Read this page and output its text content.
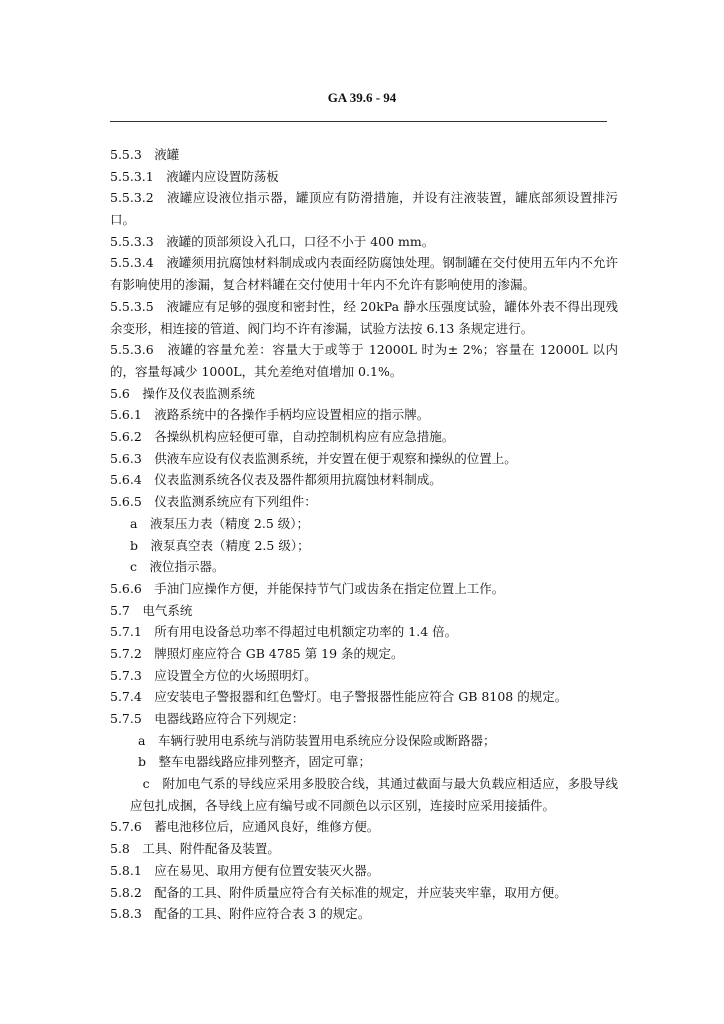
GA 39.6 - 94
5.5.3　液罐
5.5.3.1　液罐内应设置防荡板
5.5.3.2　液罐应设液位指示器，罐顶应有防滑措施，并设有注液装置，罐底部须设置排污口。
5.5.3.3　液罐的顶部须设入孔口，口径不小于 400 mm。
5.5.3.4　液罐须用抗腐蚀材料制成或内表面经防腐蚀处理。钢制罐在交付使用五年内不允许有影响使用的渗漏，复合材料罐在交付使用十年内不允许有影响使用的渗漏。
5.5.3.5　液罐应有足够的强度和密封性，经 20kPa 静水压强度试验，罐体外表不得出现残余变形，相连接的管道、阀门均不许有渗漏，试验方法按 6.13 条规定进行。
5.5.3.6　液罐的容量允差：容量大于或等于 12000L 时为± 2%；容量在 12000L 以内的，容量每减少 1000L，其允差绝对值增加 0.1%。
5.6　操作及仪表监测系统
5.6.1　液路系统中的各操作手柄均应设置相应的指示牌。
5.6.2　各操纵机构应轻便可靠，自动控制机构应有应急措施。
5.6.3　供液车应设有仪表监测系统，并安置在便于观察和操纵的位置上。
5.6.4　仪表监测系统各仪表及器件都须用抗腐蚀材料制成。
5.6.5　仪表监测系统应有下列组件：
a　液泵压力表（精度 2.5 级）；
b　液泵真空表（精度 2.5 级）；
c　液位指示器。
5.6.6　手油门应操作方便，并能保持节气门或齿条在指定位置上工作。
5.7　电气系统
5.7.1　所有用电设备总功率不得超过电机额定功率的 1.4 倍。
5.7.2　牌照灯座应符合 GB 4785 第 19 条的规定。
5.7.3　应设置全方位的火场照明灯。
5.7.4　应安装电子警报器和红色警灯。电子警报器性能应符合 GB 8108 的规定。
5.7.5　电器线路应符合下列规定：
a　车辆行驶用电系统与消防装置用电系统应分设保险或断路器；
b　整车电器线路应排列整齐，固定可靠；
　c　附加电气系的导线应采用多股胶合线，其通过截面与最大负载应相适应，多股导线应包扎成捆，各导线上应有编号或不同颜色以示区别，连接时应采用接插件。
5.7.6　蓄电池移位后，应通风良好，维修方便。
5.8　工具、附件配备及装置。
5.8.1　应在易见、取用方便有位置安装灭火器。
5.8.2　配备的工具、附件质量应符合有关标准的规定，并应装夹牢靠，取用方便。
5.8.3　配备的工具、附件应符合表 3 的规定。
